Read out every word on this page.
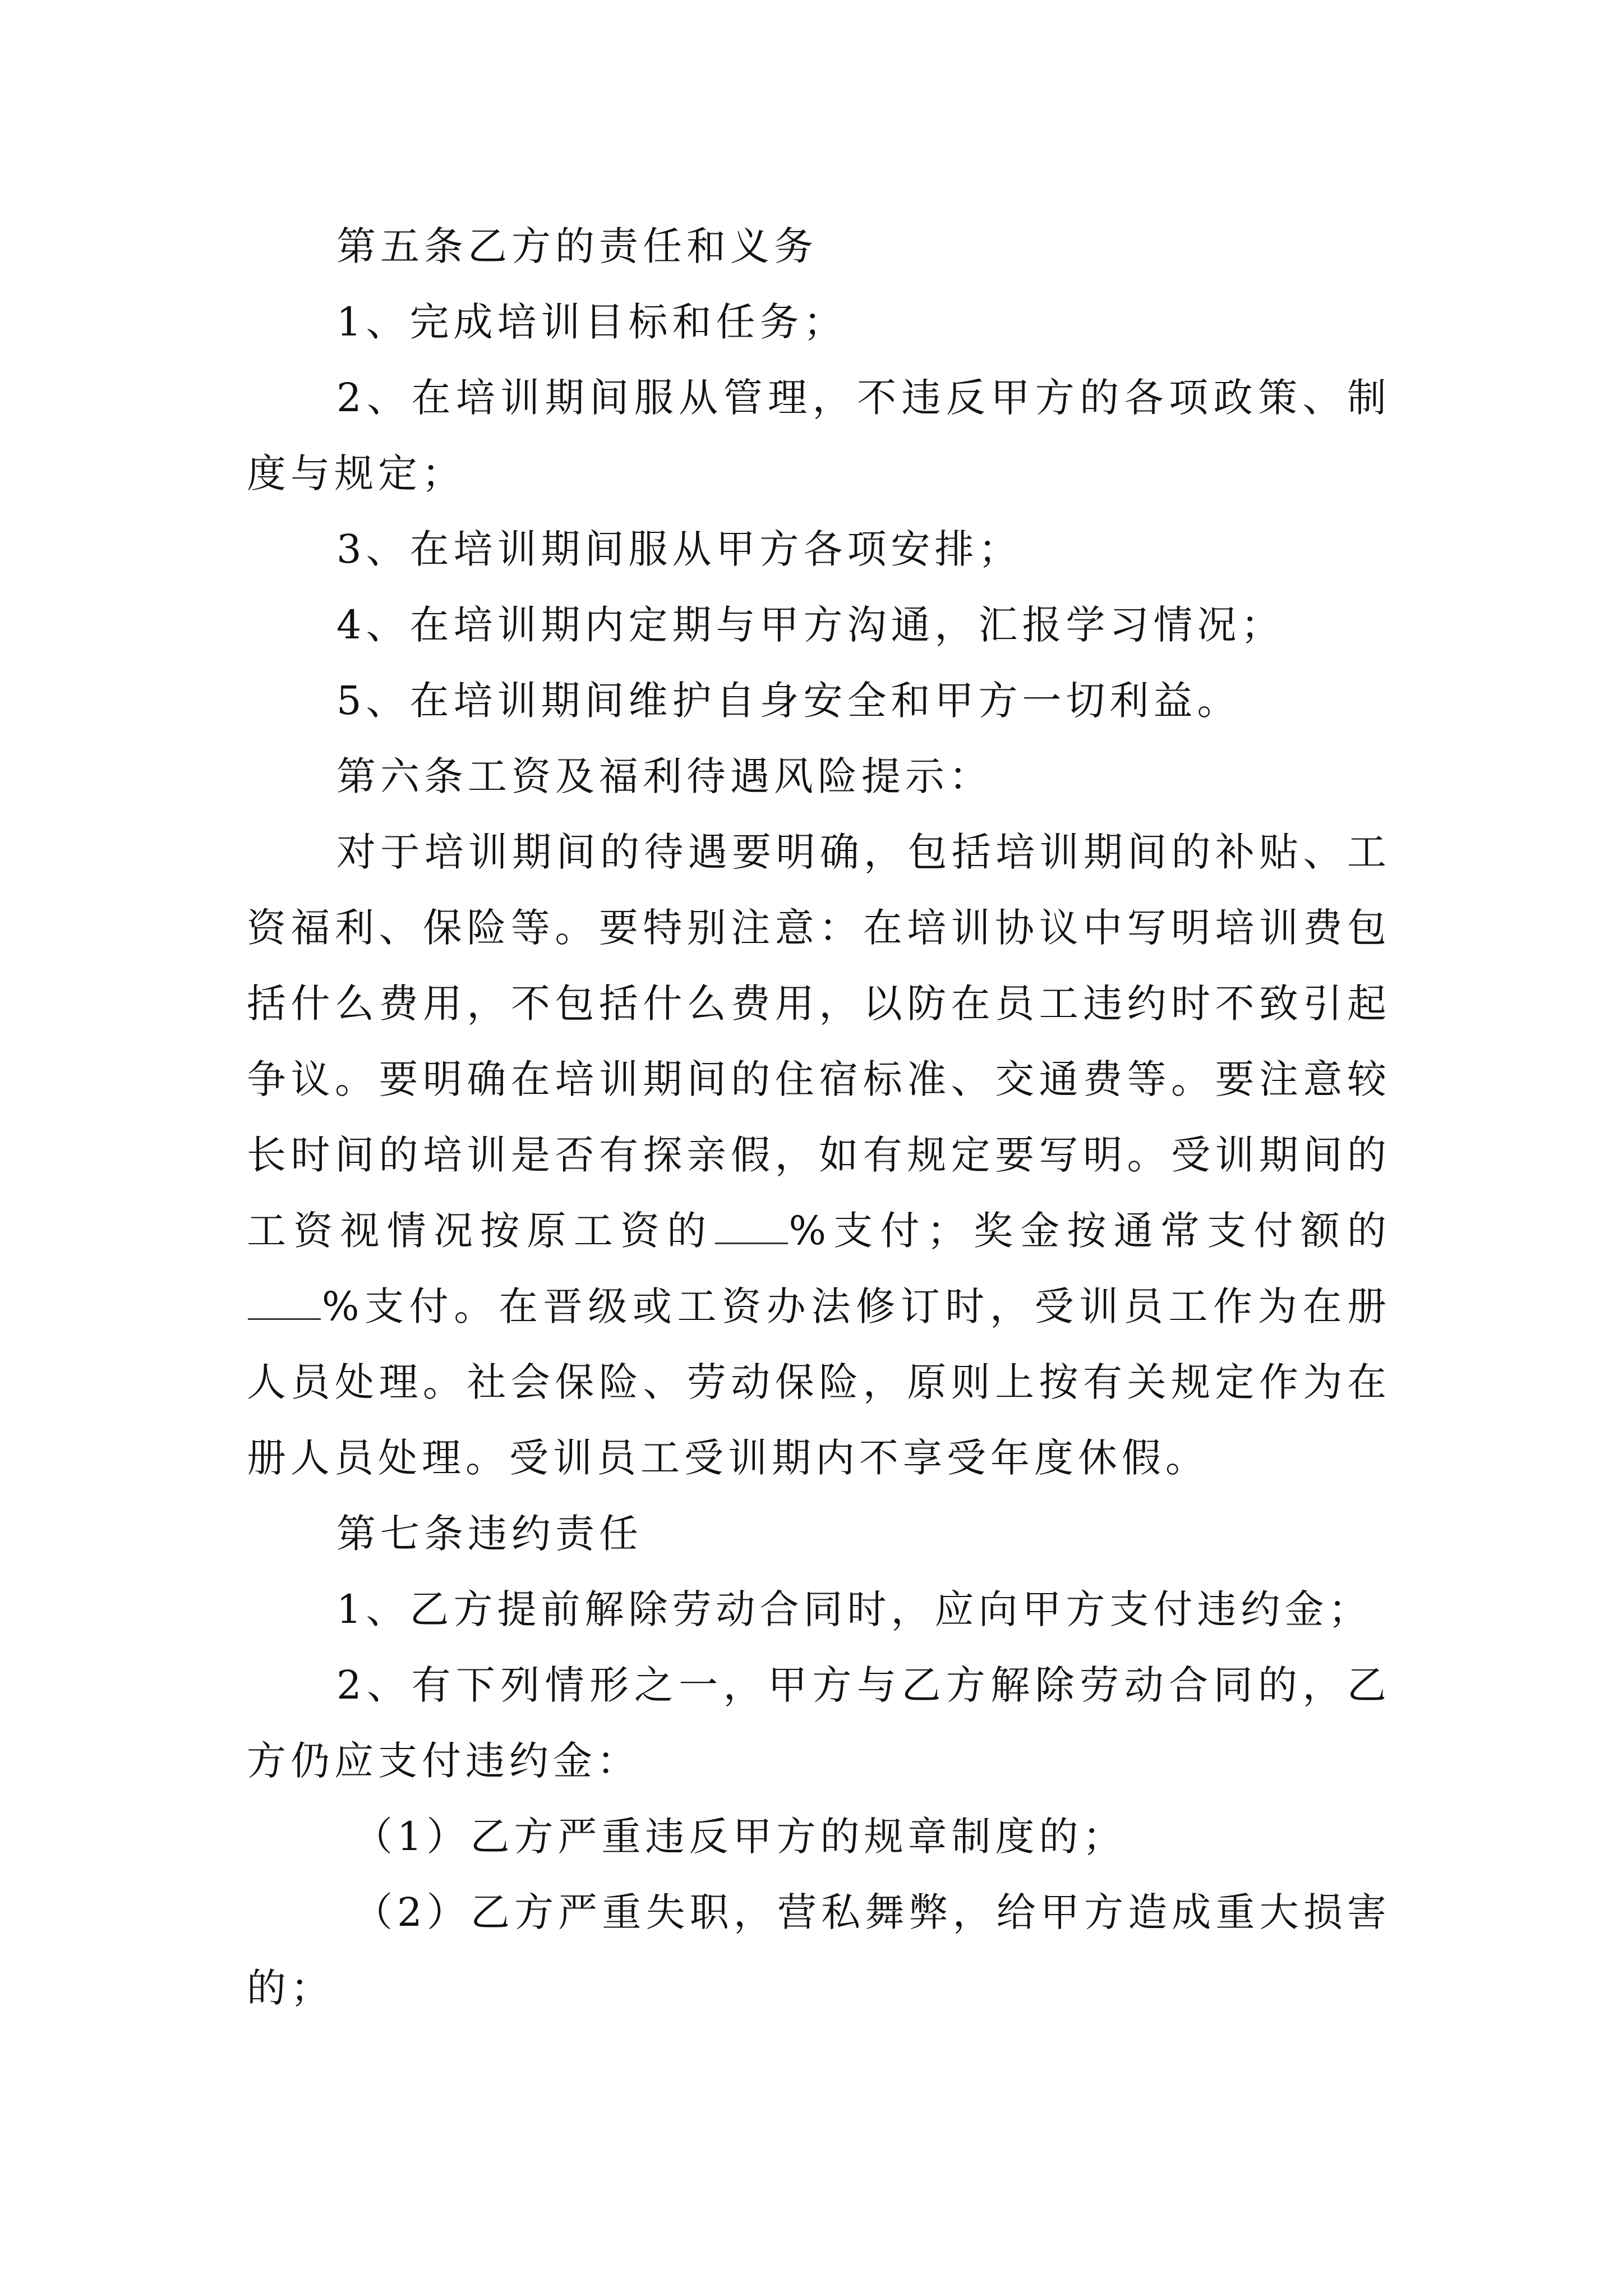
第五条乙方的责任和义务

1、完成培训目标和任务；

2、在培训期间服从管理，不违反甲方的各项政策、制度与规定；

3、在培训期间服从甲方各项安排；

4、在培训期内定期与甲方沟通，汇报学习情况；

5、在培训期间维护自身安全和甲方一切利益。

第六条工资及福利待遇风险提示：

对于培训期间的待遇要明确，包括培训期间的补贴、工资福利、保险等。要特别注意：在培训协议中写明培训费包括什么费用，不包括什么费用，以防在员工违约时不致引起争议。要明确在培训期间的住宿标准、交通费等。要注意较长时间的培训是否有探亲假，如有规定要写明。受训期间的工资视情况按原工资的 %支付；奖金按通常支付额的%支付。在晋级或工资办法修订时，受训员工作为在册人员处理。社会保险、劳动保险，原则上按有关规定作为在册人员处理。受训员工受训期内不享受年度休假。

第七条违约责任

1、乙方提前解除劳动合同时，应向甲方支付违约金；

2、有下列情形之一，甲方与乙方解除劳动合同的，乙方仍应支付违约金：

（1）乙方严重违反甲方的规章制度的；

（2）乙方严重失职，营私舞弊，给甲方造成重大损害的；
